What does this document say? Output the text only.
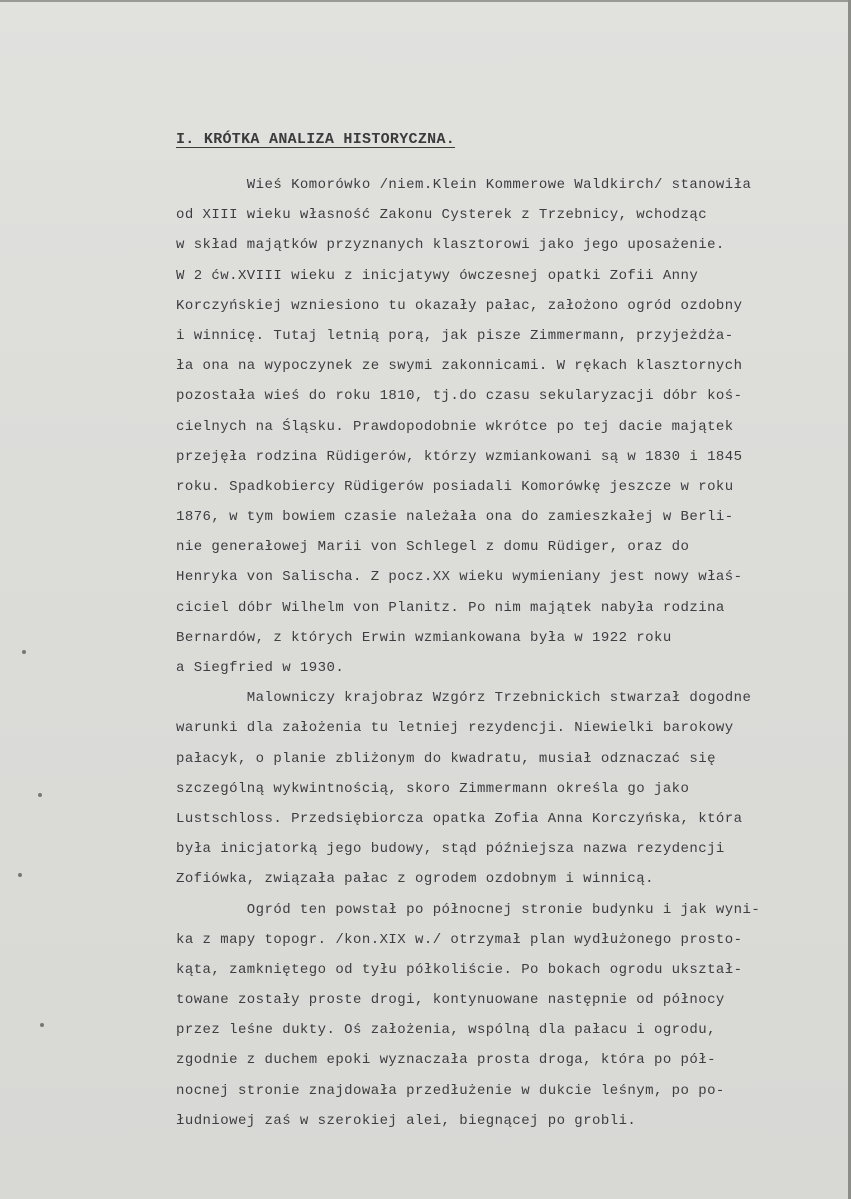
I. KRÓTKA ANALIZA HISTORYCZNA.
Wieś Komorówko /niem.Klein Kommerowe Waldkirch/ stanowiła
od XIII wieku własność Zakonu Cysterek z Trzebnicy, wchodząc
w skład majątków przyznanych klasztorowi jako jego uposażenie.
W 2 ćw.XVIII wieku z inicjatywy ówczesnej opatki Zofii Anny
Korczyńskiej wzniesiono tu okazały pałac, założono ogród ozdobny
i winnicę. Tutaj letnią porą, jak pisze Zimmermann, przyjeżdża-
ła ona na wypoczynek ze swymi zakonnicami. W rękach klasztornych
pozostała wieś do roku 1810, tj.do czasu sekularyzacji dóbr koś-
cielnych na Śląsku. Prawdopodobnie wkrótce po tej dacie majątek
przejęła rodzina Rüdigerów, którzy wzmiankowani są w 1830 i 1845
roku. Spadkobiercy Rüdigerów posiadali Komorówkę jeszcze w roku
1876, w tym bowiem czasie należała ona do zamieszkałej w Berli-
nie generałowej Marii von Schlegel z domu Rüdiger, oraz do
Henryka von Salischa. Z pocz.XX wieku wymieniany jest nowy właś-
ciciel dóbr Wilhelm von Planitz. Po nim majątek nabyła rodzina
Bernardów, z których Erwin wzmiankowana była w 1922 roku
a Siegfried w 1930.
Malowniczy krajobraz Wzgórz Trzebnickich stwarzał dogodne
warunki dla założenia tu letniej rezydencji. Niewielki barokowy
pałacyk, o planie zbliżonym do kwadratu, musiał odznaczać się
szczególną wykwintnością, skoro Zimmermann określa go jako
Lustschloss. Przedsiębiorcza opatka Zofia Anna Korczyńska, która
była inicjatorką jego budowy, stąd późniejsza nazwa rezydencji
Zofiówka, związała pałac z ogrodem ozdobnym i winnicą.
Ogród ten powstał po północnej stronie budynku i jak wyni-
ka z mapy topogr. /kon.XIX w./ otrzymał plan wydłużonego prosto-
kąta, zamkniętego od tyłu półkoliście. Po bokach ogrodu ukształ-
towane zostały proste drogi, kontynuowane następnie od północy
przez leśne dukty. Oś założenia, wspólną dla pałacu i ogrodu,
zgodnie z duchem epoki wyznaczała prosta droga, która po pół-
nocnej stronie znajdowała przedłużenie w dukcie leśnym, po po-
łudniowej zaś w szerokiej alei, biegnącej po grobli.
